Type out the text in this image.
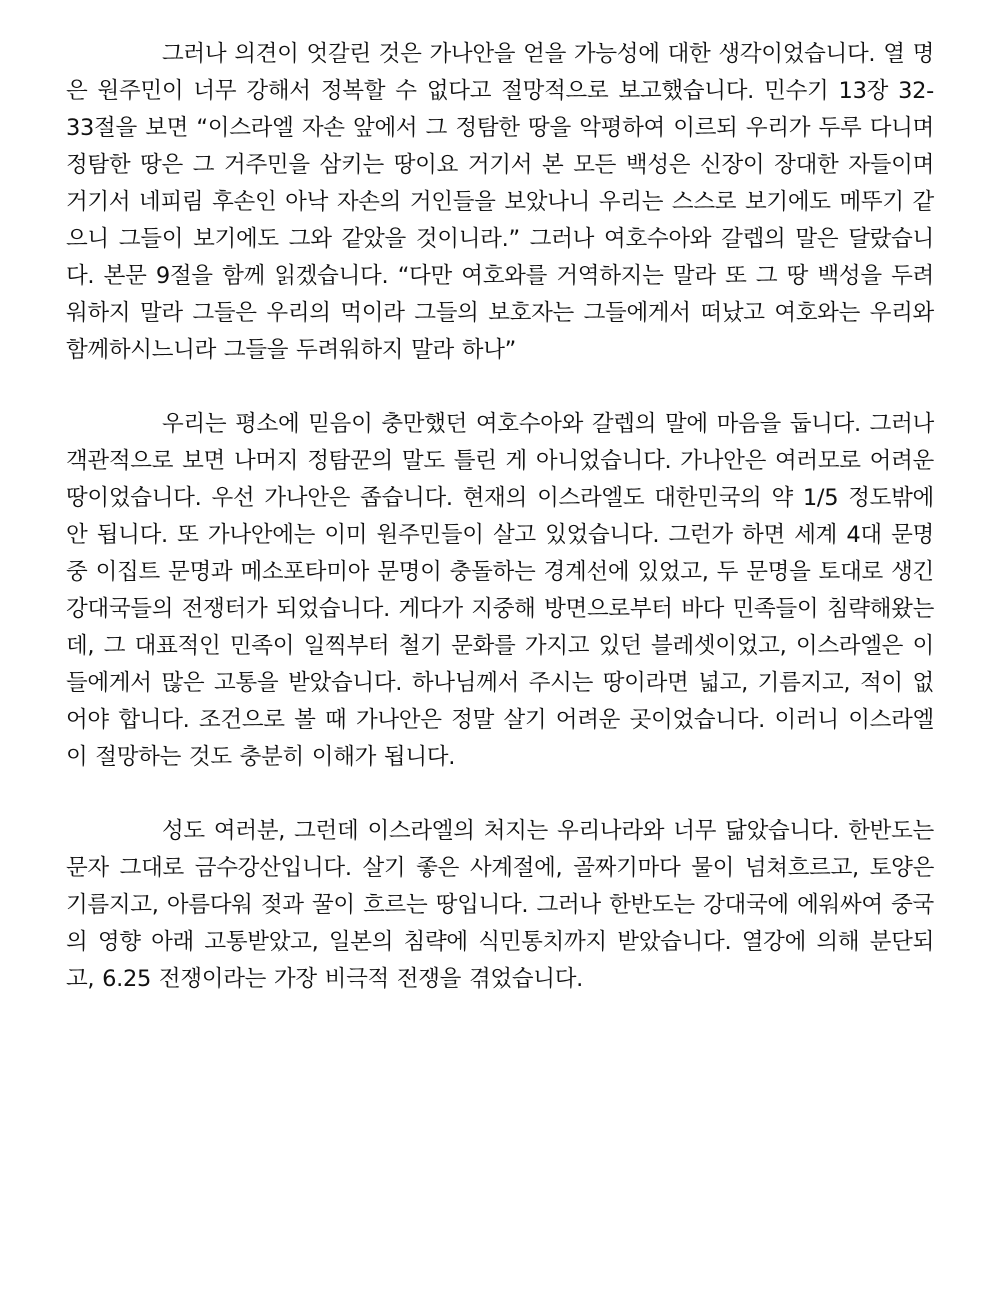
그러나 의견이 엇갈린 것은 가나안을 얻을 가능성에 대한 생각이었습니다. 열 명은 원주민이 너무 강해서 정복할 수 없다고 절망적으로 보고했습니다. 민수기 13장 32-33절을 보면 “이스라엘 자손 앞에서 그 정탐한 땅을 악평하여 이르되 우리가 두루 다니며 정탐한 땅은 그 거주민을 삼키는 땅이요 거기서 본 모든 백성은 신장이 장대한 자들이며 거기서 네피림 후손인 아낙 자손의 거인들을 보았나니 우리는 스스로 보기에도 메뚜기 같으니 그들이 보기에도 그와 같았을 것이니라.” 그러나 여호수아와 갈렙의 말은 달랐습니다. 본문 9절을 함께 읽겠습니다. “다만 여호와를 거역하지는 말라 또 그 땅 백성을 두려워하지 말라 그들은 우리의 먹이라 그들의 보호자는 그들에게서 떠났고 여호와는 우리와 함께하시느니라 그들을 두려워하지 말라 하나”

우리는 평소에 믿음이 충만했던 여호수아와 갈렙의 말에 마음을 둡니다. 그러나 객관적으로 보면 나머지 정탐꾼의 말도 틀린 게 아니었습니다. 가나안은 여러모로 어려운 땅이었습니다. 우선 가나안은 좁습니다. 현재의 이스라엘도 대한민국의 약 1/5 정도밖에 안 됩니다. 또 가나안에는 이미 원주민들이 살고 있었습니다. 그런가 하면 세계 4대 문명 중 이집트 문명과 메소포타미아 문명이 충돌하는 경계선에 있었고, 두 문명을 토대로 생긴 강대국들의 전쟁터가 되었습니다. 게다가 지중해 방면으로부터 바다 민족들이 침략해왔는데, 그 대표적인 민족이 일찍부터 철기 문화를 가지고 있던 블레셋이었고, 이스라엘은 이들에게서 많은 고통을 받았습니다. 하나님께서 주시는 땅이라면 넓고, 기름지고, 적이 없어야 합니다. 조건으로 볼 때 가나안은 정말 살기 어려운 곳이었습니다. 이러니 이스라엘이 절망하는 것도 충분히 이해가 됩니다.

성도 여러분, 그런데 이스라엘의 처지는 우리나라와 너무 닮았습니다. 한반도는 문자 그대로 금수강산입니다. 살기 좋은 사계절에, 골짜기마다 물이 넘쳐흐르고, 토양은 기름지고, 아름다워 젖과 꿀이 흐르는 땅입니다. 그러나 한반도는 강대국에 에워싸여 중국의 영향 아래 고통받았고, 일본의 침략에 식민통치까지 받았습니다. 열강에 의해 분단되고, 6.25 전쟁이라는 가장 비극적 전쟁을 겪었습니다.
